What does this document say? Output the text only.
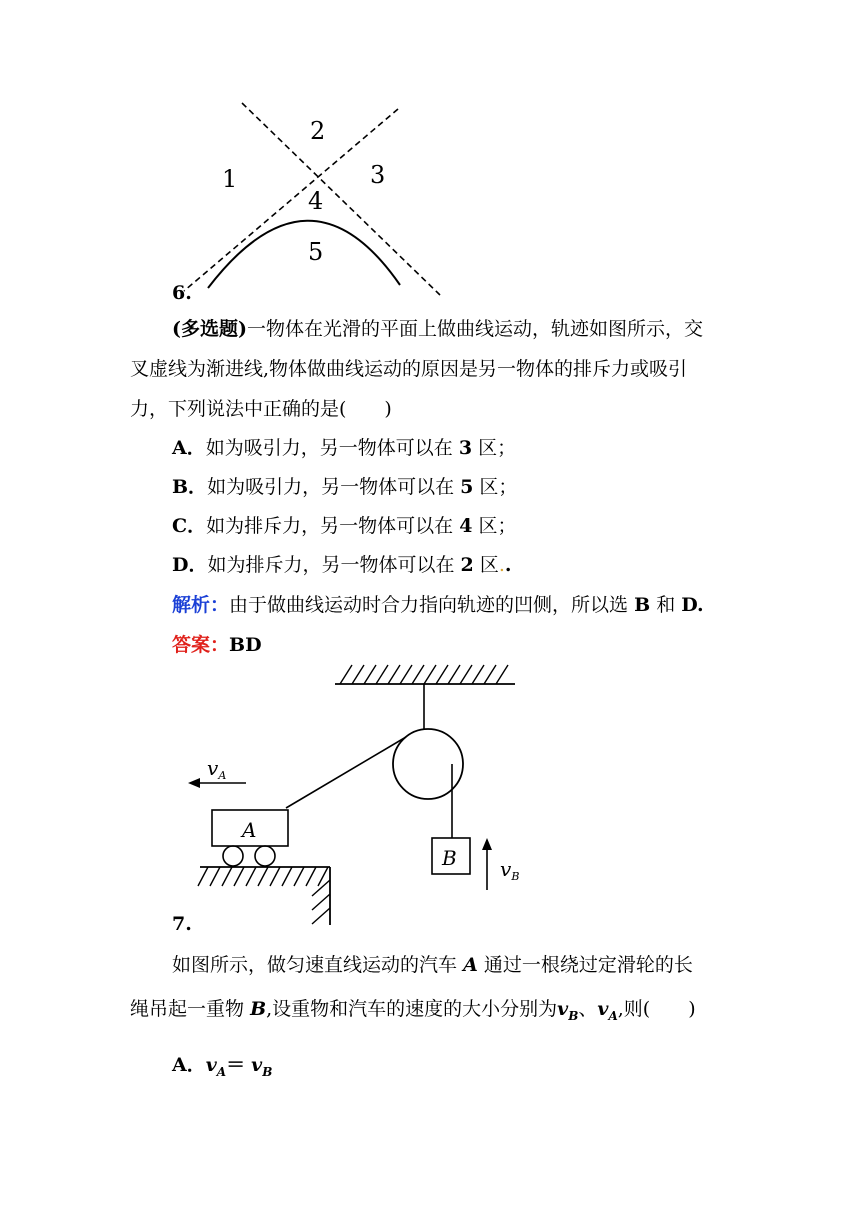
2
1	3
4
5
6.
(多选题)一物体在光滑的平面上做曲线运动，轨迹如图所示，交
叉虚线为渐进线,物体做曲线运动的原因是另一物体的排斥力或吸引
力，下列说法中正确的是(　　)
A．如为吸引力，另一物体可以在 3 区；
B．如为吸引力，另一物体可以在 5 区；
C．如为排斥力，另一物体可以在 4 区；
D．如为排斥力，另一物体可以在 2 区..
解析：由于做曲线运动时合力指向轨迹的凹侧，所以选 B 和 D.
答案：BD
B $v_B$
A
$v_A$
7.
如图所示，做匀速直线运动的汽车 A 通过一根绕过定滑轮的长
绳吊起一重物 B,设重物和汽车的速度的大小分别为$v_B$、$v_A$,则(　　)
A．$v_A= v_B$
